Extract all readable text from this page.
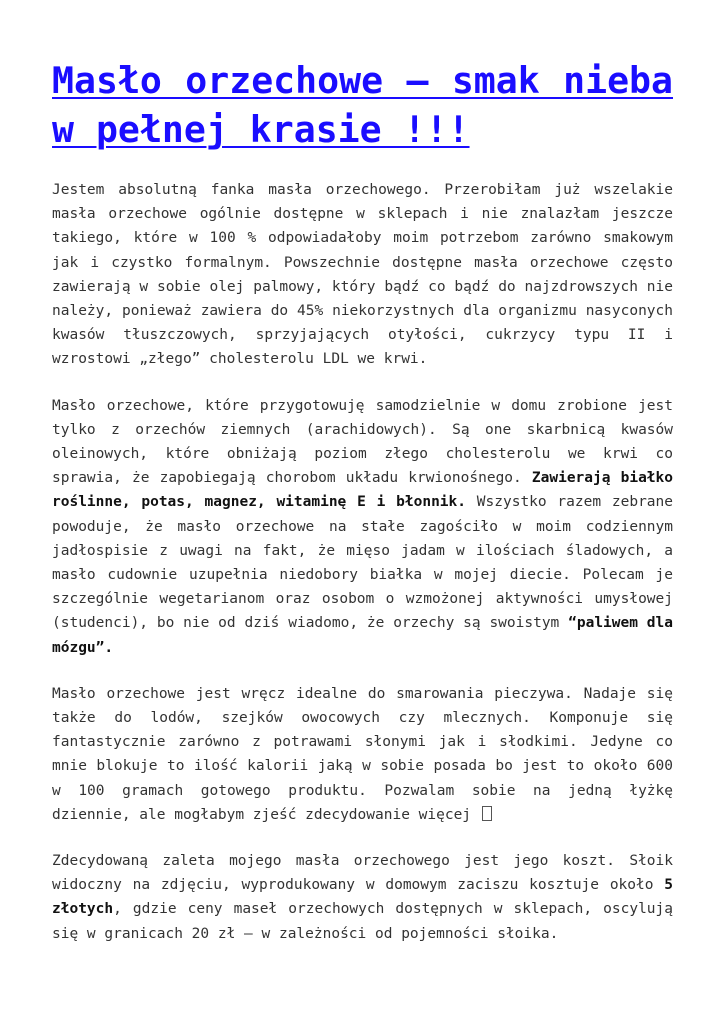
Masło orzechowe – smak nieba w pełnej krasie !!!

Jestem absolutną fanka masła orzechowego. Przerobiłam już wszelakie masła orzechowe ogólnie dostępne w sklepach i nie znalazłam jeszcze takiego, które w 100 % odpowiadałoby moim potrzebom zarówno smakowym jak i czystko formalnym. Powszechnie dostępne masła orzechowe często zawierają w sobie olej palmowy, który bądź co bądź do najzdrowszych nie należy, ponieważ zawiera do 45% niekorzystnych dla organizmu nasyconych kwasów tłuszczowych, sprzyjających otyłości, cukrzycy typu II i wzrostowi „złego” cholesterolu LDL we krwi.

Masło orzechowe, które przygotowuję samodzielnie w domu zrobione jest tylko z orzechów ziemnych (arachidowych). Są one skarbnicą kwasów oleinowych, które obniżają poziom złego cholesterolu we krwi co sprawia, że zapobiegają chorobom układu krwionośnego. Zawierają białko roślinne, potas, magnez, witaminę E i błonnik. Wszystko razem zebrane powoduje, że masło orzechowe na stałe zagościło w moim codziennym jadłospisie z uwagi na fakt, że mięso jadam w ilościach śladowych, a masło cudownie uzupełnia niedobory białka w mojej diecie. Polecam je szczególnie wegetarianom oraz osobom o wzmożonej aktywności umysłowej (studenci), bo nie od dziś wiadomo, że orzechy są swoistym “paliwem dla mózgu”.

Masło orzechowe jest wręcz idealne do smarowania pieczywa. Nadaje się także do lodów, szejków owocowych czy mlecznych. Komponuje się fantastycznie zarówno z potrawami słonymi jak i słodkimi. Jedyne co mnie blokuje to ilość kalorii jaką w sobie posada bo jest to około 600 w 100 gramach gotowego produktu. Pozwalam sobie na jedną łyżkę dziennie, ale mogłabym zjeść zdecydowanie więcej

Zdecydowaną zaleta mojego masła orzechowego jest jego koszt. Słoik widoczny na zdjęciu, wyprodukowany w domowym zaciszu kosztuje około 5 złotych, gdzie ceny maseł orzechowych dostępnych w sklepach, oscylują się w granicach 20 zł – w zależności od pojemności słoika.
